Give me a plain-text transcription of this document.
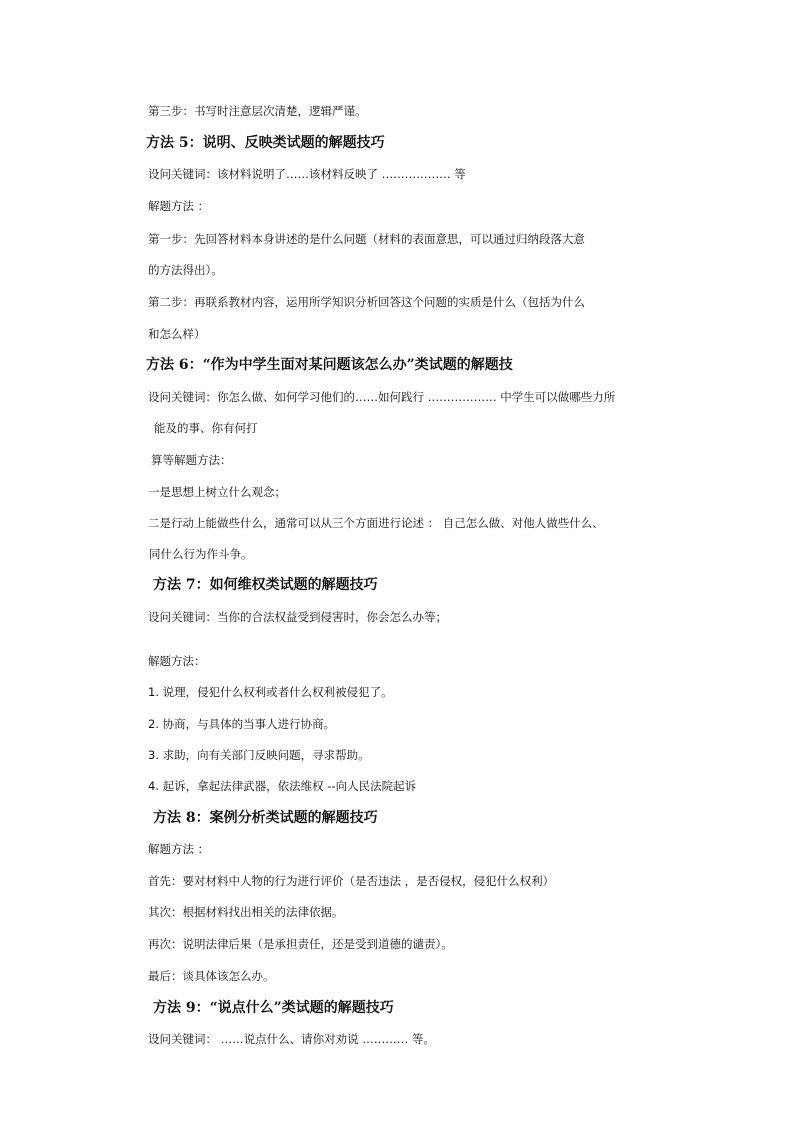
第三步：书写时注意层次清楚，逻辑严谨。
方法 5：说明、反映类试题的解题技巧
设问关键词：该材料说明了……该材料反映了 ……………… 等
解题方法 ：
第一步：先回答材料本身讲述的是什么问题（材料的表面意思，可以通过归纳段落大意
的方法得出）。
第二步：再联系教材内容，运用所学知识分析回答这个问题的实质是什么（包括为什么
和怎么样）
方法 6：“作为中学生面对某问题该怎么办”类试题的解题技
设问关键词：你怎么做、如何学习他们的……如何践行 ……………… 中学生可以做哪些力所
能及的事、你有何打
算等解题方法：
一是思想上树立什么观念；
二是行动上能做些什么，通常可以从三个方面进行论述 ： 自己怎么做、对他人做些什么、
同什么行为作斗争。
方法 7：如何维权类试题的解题技巧
设问关键词：当你的合法权益受到侵害时，你会怎么办等；
解题方法：
1. 说理，侵犯什么权利或者什么权利被侵犯了。
2. 协商，与具体的当事人进行协商。
3. 求助，向有关部门反映问题，寻求帮助。
4. 起诉，拿起法律武器，依法维权 --向人民法院起诉
方法 8：案例分析类试题的解题技巧
解题方法 ：
首先：要对材料中人物的行为进行评价（是否违法 ，是否侵权，侵犯什么权利）
其次：根据材料找出相关的法律依据。
再次：说明法律后果（是承担责任，还是受到道德的谴责）。
最后：谈具体该怎么办。
方法 9：“说点什么”类试题的解题技巧
设问关键词： ……说点什么、请你对劝说 ………… 等。
